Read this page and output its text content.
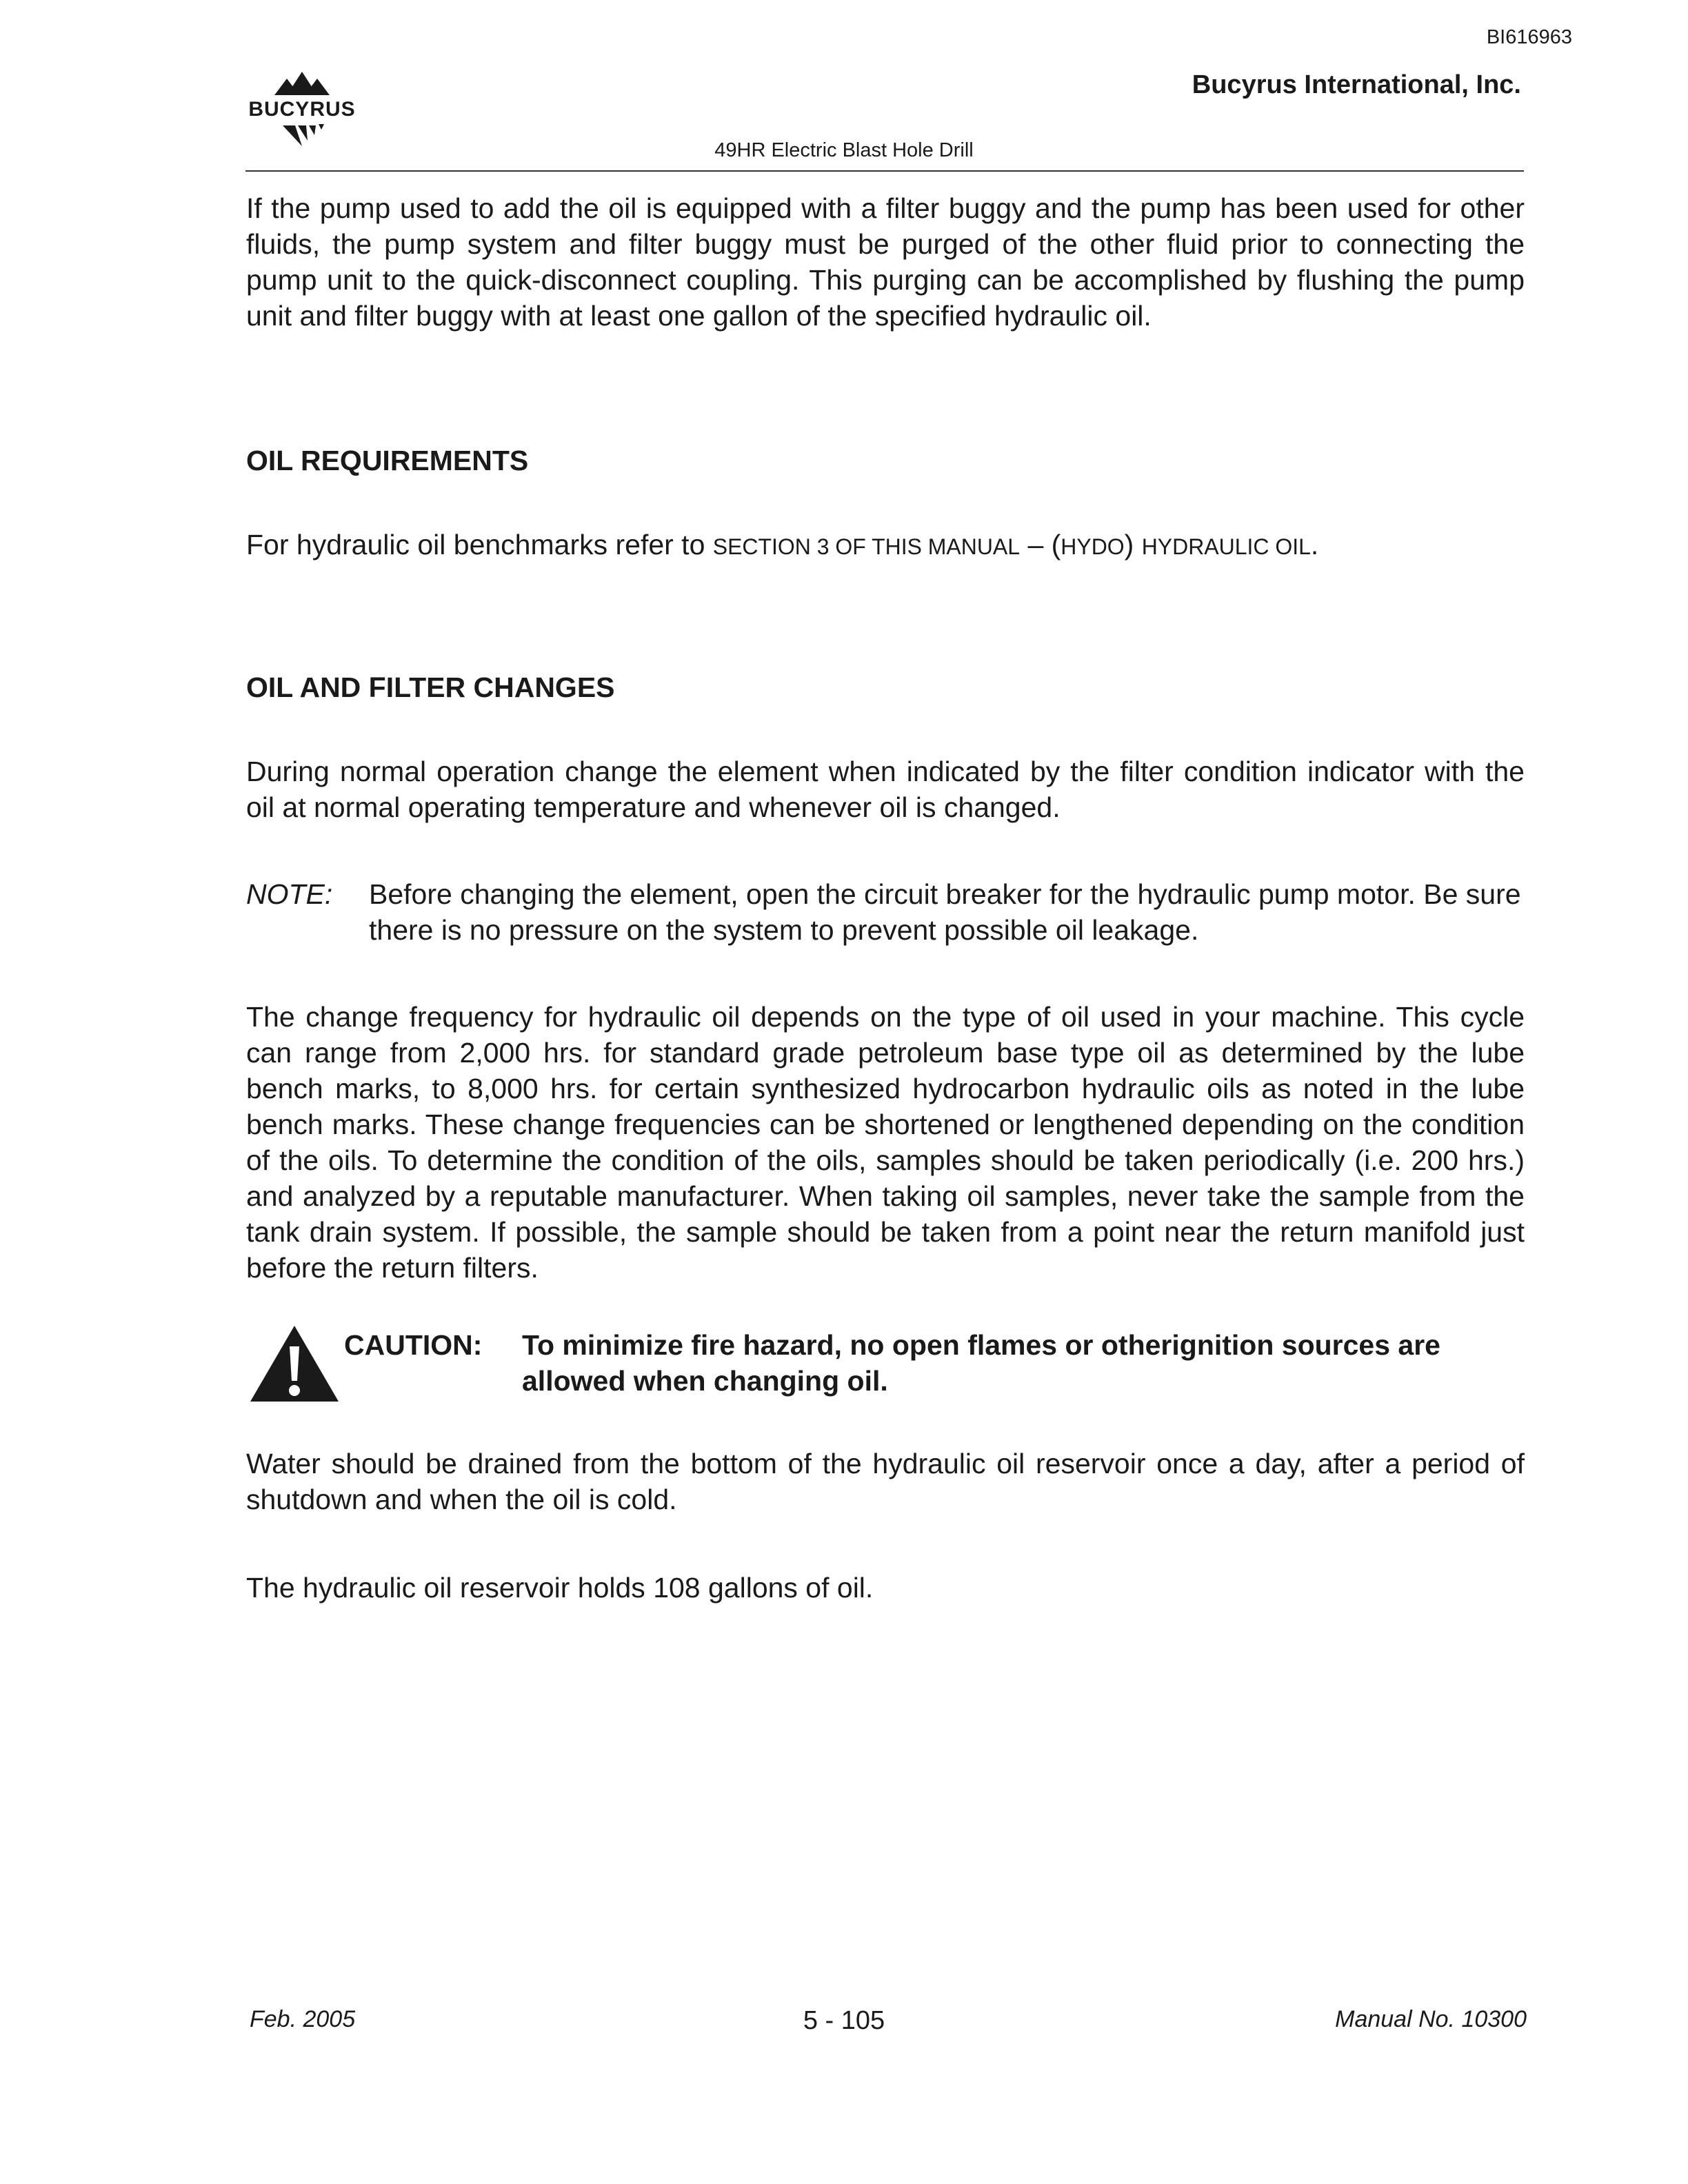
BI616963
BUCYRUS
Bucyrus International, Inc.
49HR Electric Blast Hole Drill

If the pump used to add the oil is equipped with a filter buggy and the pump has been used for other fluids, the pump system and filter buggy must be purged of the other fluid prior to connecting the pump unit to the quick-disconnect coupling. This purging can be accomplished by flushing the pump unit and filter buggy with at least one gallon of the specified hydraulic oil.

OIL REQUIREMENTS

For hydraulic oil benchmarks refer to SECTION 3 OF THIS MANUAL – (HYDO) HYDRAULIC OIL.

OIL AND FILTER CHANGES

During normal operation change the element when indicated by the filter condition indicator with the oil at normal operating temperature and whenever oil is changed.

NOTE:	Before changing the element, open the circuit breaker for the hydraulic pump motor. Be sure there is no pressure on the system to prevent possible oil leakage.

The change frequency for hydraulic oil depends on the type of oil used in your machine. This cycle can range from 2,000 hrs. for standard grade petroleum base type oil as determined by the lube bench marks, to 8,000 hrs. for certain synthesized hydrocarbon hydraulic oils as noted in the lube bench marks. These change frequencies can be shortened or lengthened depending on the condition of the oils. To determine the condition of the oils, samples should be taken periodically (i.e. 200 hrs.) and analyzed by a reputable manufacturer. When taking oil samples, never take the sample from the tank drain system. If possible, the sample should be taken from a point near the return manifold just before the return filters.

CAUTION:	To minimize fire hazard, no open flames or otherignition sources are allowed when changing oil.

Water should be drained from the bottom of the hydraulic oil reservoir once a day, after a period of shutdown and when the oil is cold.

The hydraulic oil reservoir holds 108 gallons of oil.

Feb. 2005	5 - 105	Manual No. 10300
